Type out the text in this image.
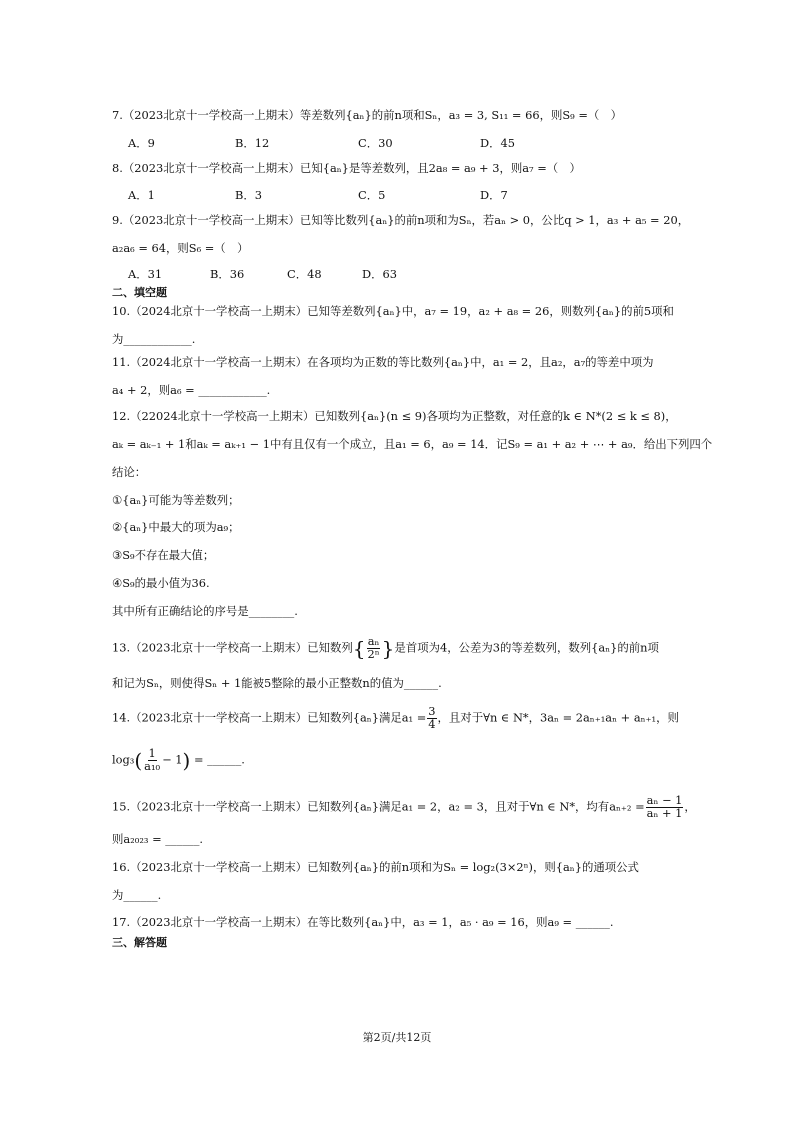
7.（2023北京十一学校高一上期末）等差数列{aₙ}的前n项和Sₙ，a₃ = 3, S₁₁ = 66，则S₉ =（　）
A．9	B．12	C．30	D．45
8.（2023北京十一学校高一上期末）已知{aₙ}是等差数列，且2a₈ = a₉ + 3，则a₇ =（　）
A．1	B．3	C．5	D．7
9.（2023北京十一学校高一上期末）已知等比数列{aₙ}的前n项和为Sₙ，若aₙ > 0，公比q > 1，a₃ + a₅ = 20，
a₂a₆ = 64，则S₆ =（　）
A．31	B．36	C．48	D．63
二、填空题
10.（2024北京十一学校高一上期末）已知等差数列{aₙ}中，a₇ = 19，a₂ + a₈ = 26，则数列{aₙ}的前5项和
为____________.
11.（2024北京十一学校高一上期末）在各项均为正数的等比数列{aₙ}中，a₁ = 2，且a₂，a₇的等差中项为
a₄ + 2，则a₆ = ____________.
12.（22024北京十一学校高一上期末）已知数列{aₙ}(n ≤ 9)各项均为正整数，对任意的k ∈ N*(2 ≤ k ≤ 8)，
aₖ = aₖ₋₁ + 1和aₖ = aₖ₊₁ − 1中有且仅有一个成立，且a₁ = 6，a₉ = 14．记S₉ = a₁ + a₂ + ⋯ + a₉．给出下列四个
结论：
①{aₙ}可能为等差数列；
②{aₙ}中最大的项为a₉；
③S₉不存在最大值；
④S₉的最小值为36.
其中所有正确结论的序号是________.
13.（2023北京十一学校高一上期末）已知数列{ $\frac{\text{aₙ}}{\text{2ⁿ}}$ }是首项为4，公差为3的等差数列，数列{aₙ}的前n项
和记为Sₙ，则使得Sₙ + 1能被5整除的最小正整数n的值为______.
14.（2023北京十一学校高一上期末）已知数列{aₙ}满足$a_1 = \frac{3}{4}$ ，且对于∀n ∈ N*，3aₙ = 2aₙ₊₁aₙ + aₙ₊₁，则
$\log_3( \frac{1}{\text{a₁₀}} - 1)$ = ______.
15.（2023北京十一学校高一上期末）已知数列{aₙ}满足a₁ = 2，a₂ = 3，且对于∀n ∈ N*，均有$a_{n+2} = \frac{\text{aₙ − 1}}{\text{aₙ + 1}}$ ，
则a₂₀₂₃ = ______.
16.（2023北京十一学校高一上期末）已知数列{aₙ}的前n项和为Sₙ = log₂(3×2ⁿ)，则{aₙ}的通项公式
为______.
17.（2023北京十一学校高一上期末）在等比数列{aₙ}中，a₃ = 1，a₅ · a₉ = 16，则a₉ = ______.
三、解答题
第2页/共12页
